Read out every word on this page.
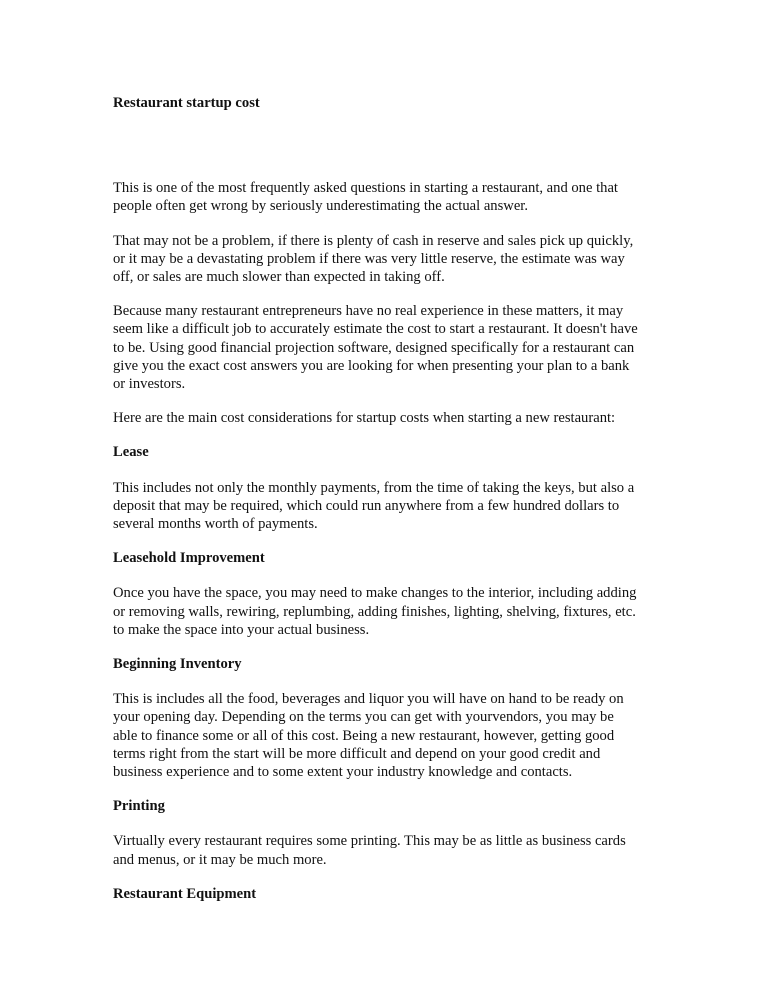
Restaurant startup cost
This is one of the most frequently asked questions in starting a restaurant, and one that
people often get wrong by seriously underestimating the actual answer.
That may not be a problem, if there is plenty of cash in reserve and sales pick up quickly,
or it may be a devastating problem if there was very little reserve, the estimate was way
off, or sales are much slower than expected in taking off.
Because many restaurant entrepreneurs have no real experience in these matters, it may
seem like a difficult job to accurately estimate the cost to start a restaurant. It doesn't have
to be. Using good financial projection software, designed specifically for a restaurant can
give you the exact cost answers you are looking for when presenting your plan to a bank
or investors.
Here are the main cost considerations for startup costs when starting a new restaurant:
Lease
This includes not only the monthly payments, from the time of taking the keys, but also a
deposit that may be required, which could run anywhere from a few hundred dollars to
several months worth of payments.
Leasehold Improvement
Once you have the space, you may need to make changes to the interior, including adding
or removing walls, rewiring, replumbing, adding finishes, lighting, shelving, fixtures, etc.
to make the space into your actual business.
Beginning Inventory
This is includes all the food, beverages and liquor you will have on hand to be ready on
your opening day. Depending on the terms you can get with yourvendors, you may be
able to finance some or all of this cost. Being a new restaurant, however, getting good
terms right from the start will be more difficult and depend on your good credit and
business experience and to some extent your industry knowledge and contacts.
Printing
Virtually every restaurant requires some printing. This may be as little as business cards
and menus, or it may be much more.
Restaurant Equipment
